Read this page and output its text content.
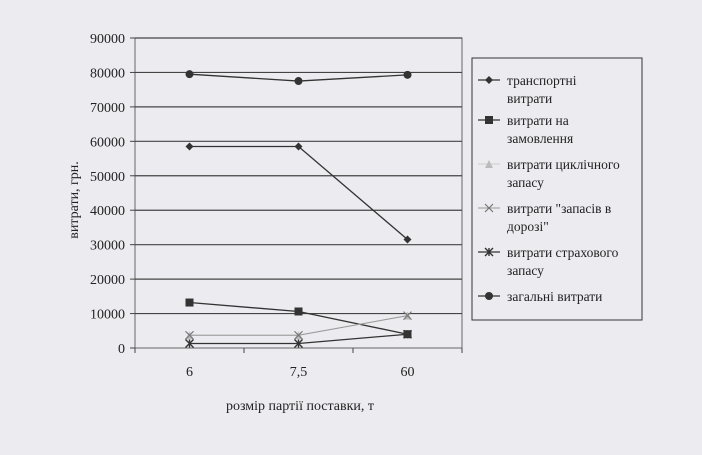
0
10000
20000
30000
40000
50000
60000
70000
80000
90000
6	7,5	60
витрати, грн.
розмір партії поставки, т
транспортні витрати
витрати на замовлення
витрати циклічного запасу
витрати "запасів в дорозі"
витрати страхового запасу
загальні витрати
